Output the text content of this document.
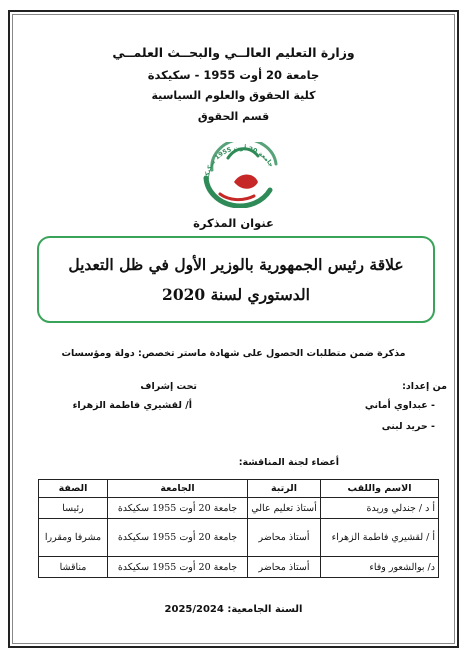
وزارة التعليم العالــي والبحــث العلمــي
جامعة 20 أوت 1955 - سكيكدة
كلية الحقوق والعلوم السياسية
قسم الحقوق
جامعة 20 أوت 1955 سكيكدة
عنوان المذكرة
علاقة رئيس الجمهورية بالوزير الأول في ظل التعديل
الدستوري لسنة 2020
مذكرة ضمن متطلبات الحصول على شهادة ماستر تخصص: دولة ومؤسسات
من إعداد:
تحت إشراف
- عبداوي أماني
- حريد لبنى
أ/ لقشيري فاطمة الزهراء
أعضاء لجنة المناقشة:
الاسم واللقب	الرتبة	الجامعة	الصفة
أ د / جندلي وريدة	أستاذ تعليم عالي	جامعة 20 أوت 1955 سكيكدة	رئيسا
أ / لقشيري فاطمة الزهراء	أستاذ محاضر	جامعة 20 أوت 1955 سكيكدة	مشرفا ومقررا
د/ بوالشعور وفاء	أستاذ محاضر	جامعة 20 أوت 1955 سكيكدة	مناقشا
السنة الجامعية: 2025/2024
